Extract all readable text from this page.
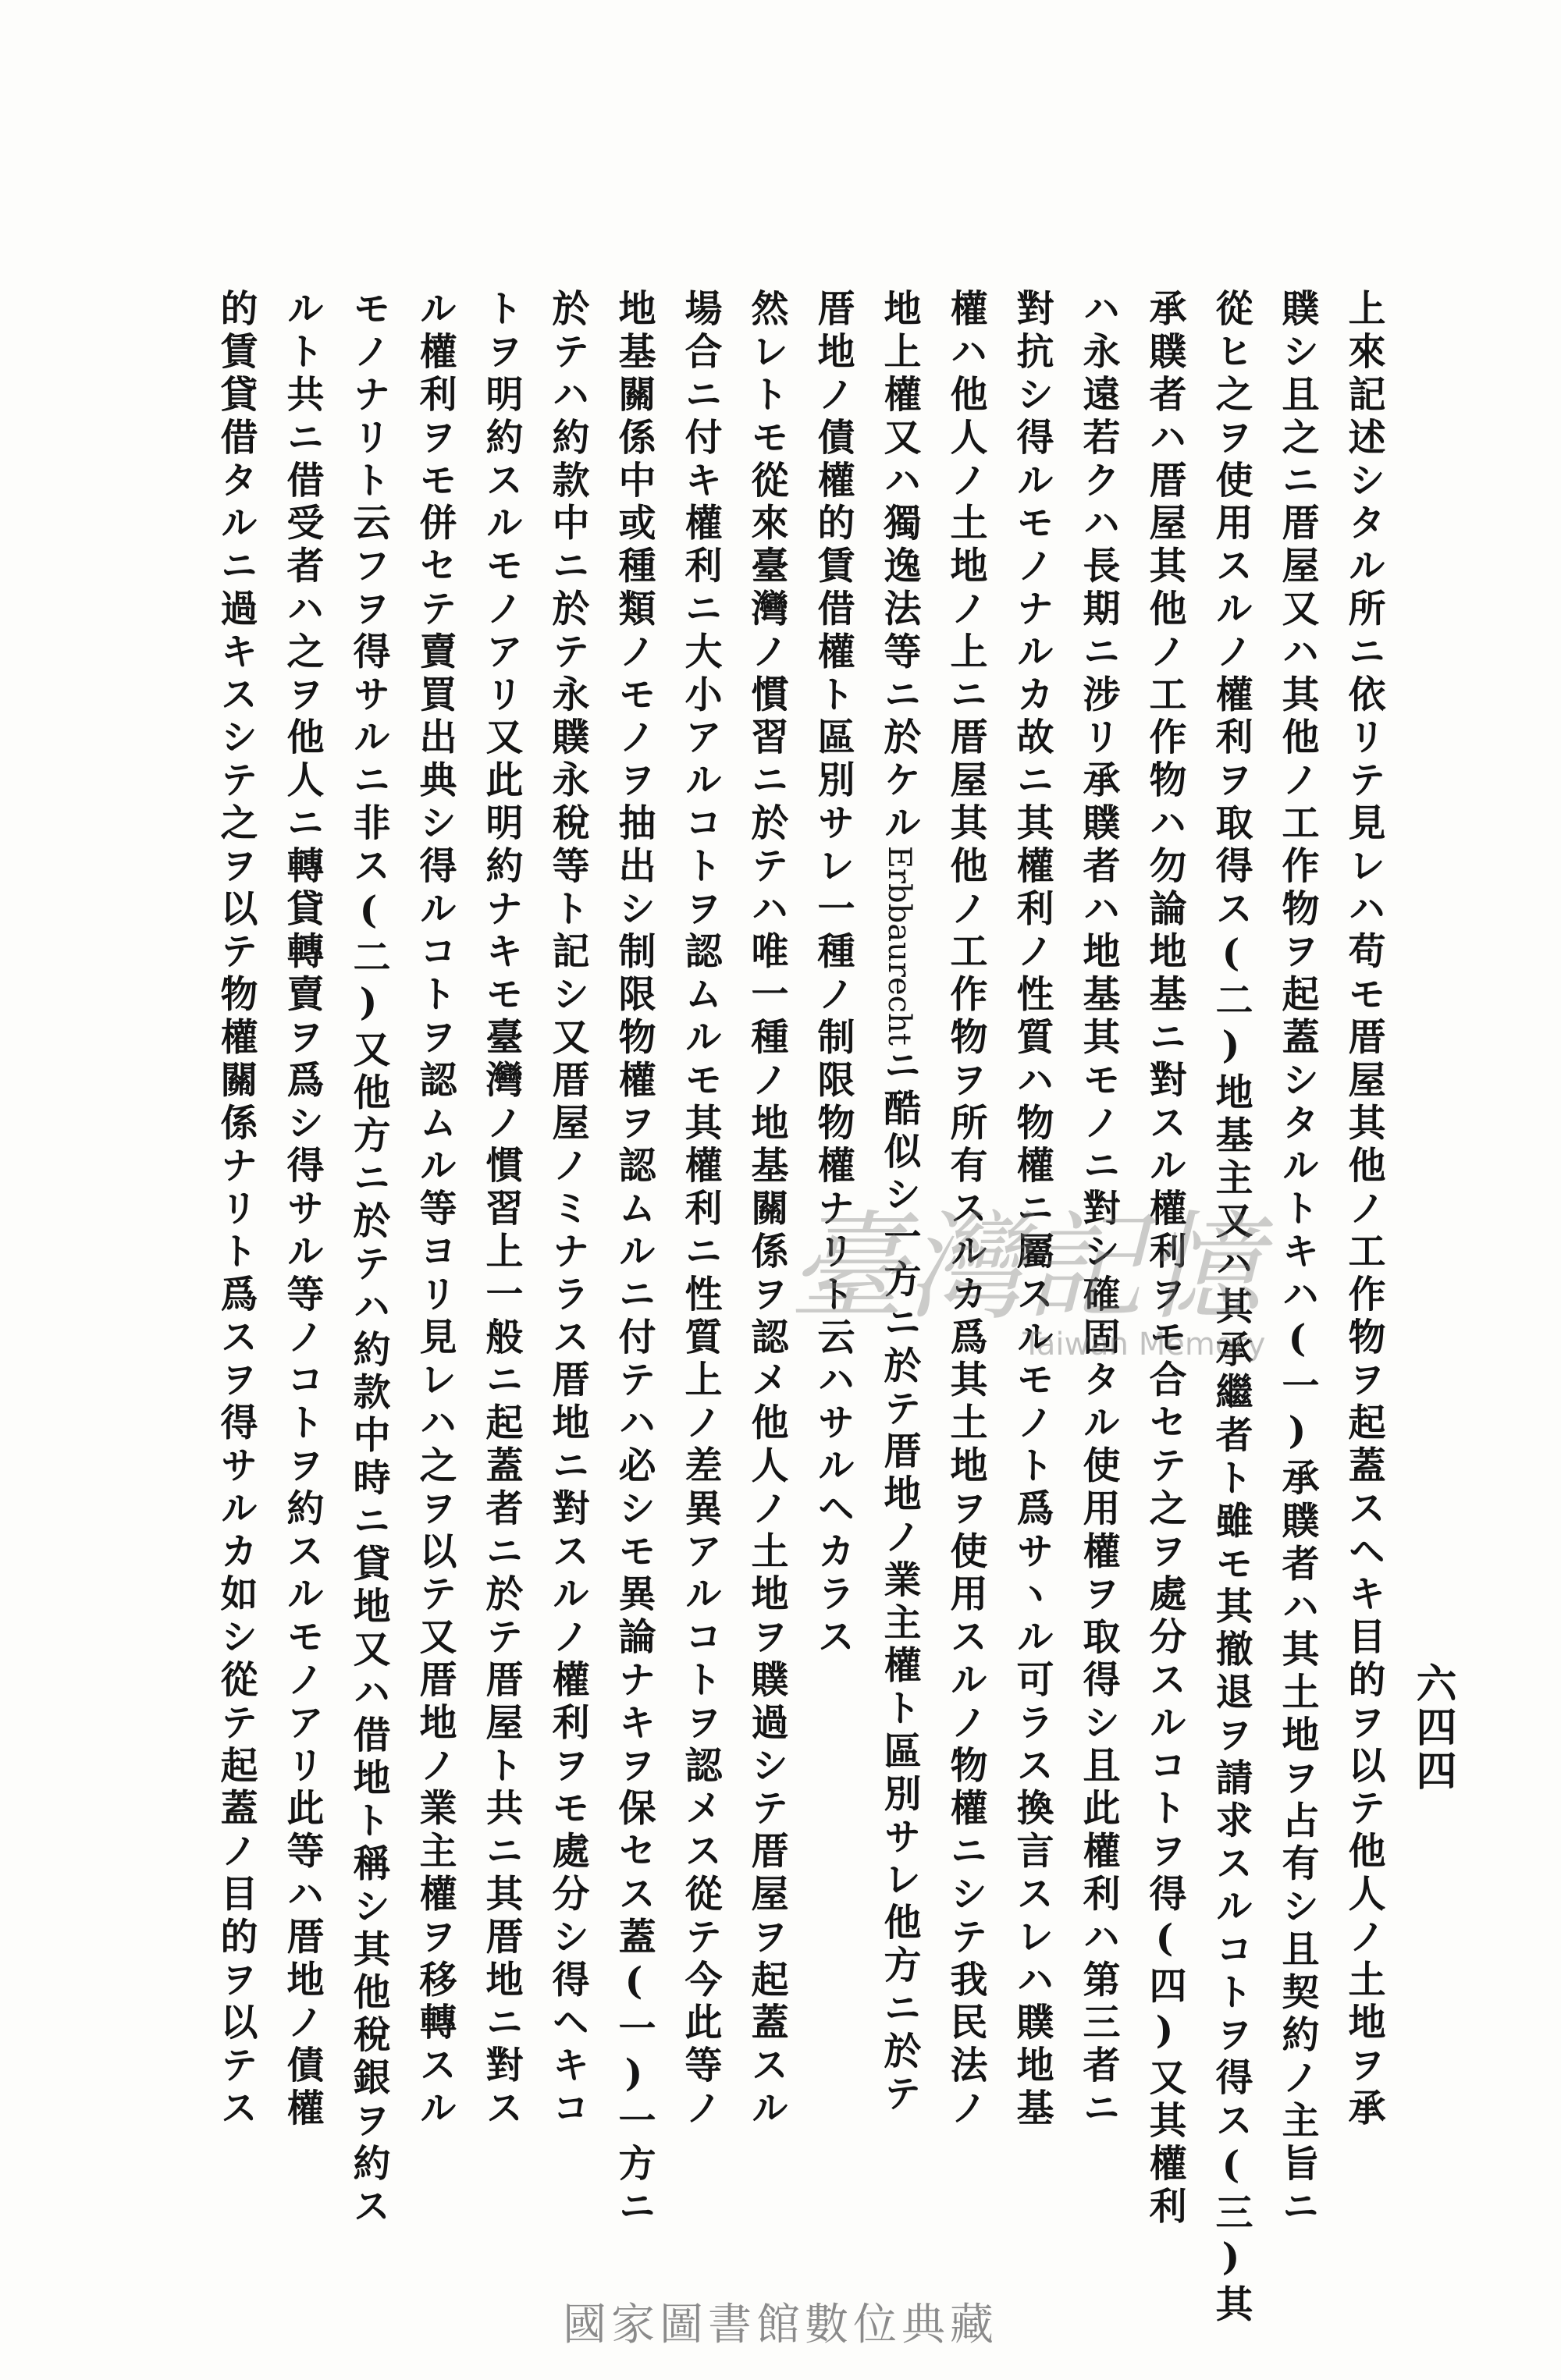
六四四
上來記述シタル所ニ依リテ見レハ苟モ厝屋其他ノ工作物ヲ起蓋スヘキ目的ヲ以テ他人ノ土地ヲ承
贌シ且之ニ厝屋又ハ其他ノ工作物ヲ起蓋シタルトキハ(一)承贌者ハ其土地ヲ占有シ且契約ノ主旨ニ
從ヒ之ヲ使用スルノ權利ヲ取得ス(二)地基主又ハ其承繼者ト雖モ其撤退ヲ請求スルコトヲ得ス(三)其
承贌者ハ厝屋其他ノ工作物ハ勿論地基ニ對スル權利ヲモ合セテ之ヲ處分スルコトヲ得(四)又其權利
ハ永遠若クハ長期ニ涉リ承贌者ハ地基其モノニ對シ確固タル使用權ヲ取得シ且此權利ハ第三者ニ
對抗シ得ルモノナルカ故ニ其權利ノ性質ハ物權ニ屬スルモノト爲サヽル可ラス換言スレハ贌地基
權ハ他人ノ土地ノ上ニ厝屋其他ノ工作物ヲ所有スルカ爲其土地ヲ使用スルノ物權ニシテ我民法ノ
地上權又ハ獨逸法等ニ於ケルErbbaurechtニ酷似シ一方ニ於テ厝地ノ業主權ト區別サレ他方ニ於テ
厝地ノ債權的賃借權ト區別サレ一種ノ制限物權ナリト云ハサルヘカラス
然レトモ從來臺灣ノ慣習ニ於テハ唯一種ノ地基關係ヲ認メ他人ノ土地ヲ贌過シテ厝屋ヲ起蓋スル
場合ニ付キ權利ニ大小アルコトヲ認ムルモ其權利ニ性質上ノ差異アルコトヲ認メス從テ今此等ノ
地基關係中或種類ノモノヲ抽出シ制限物權ヲ認ムルニ付テハ必シモ異論ナキヲ保セス蓋(一)一方ニ
於テハ約款中ニ於テ永贌永稅等ト記シ又厝屋ノミナラス厝地ニ對スルノ權利ヲモ處分シ得ヘキコ
トヲ明約スルモノアリ又此明約ナキモ臺灣ノ慣習上一般ニ起蓋者ニ於テ厝屋ト共ニ其厝地ニ對ス
ル權利ヲモ併セテ賣買出典シ得ルコトヲ認ムル等ヨリ見レハ之ヲ以テ又厝地ノ業主權ヲ移轉スル
モノナリト云フヲ得サルニ非ス(二)又他方ニ於テハ約款中時ニ貸地又ハ借地ト稱シ其他稅銀ヲ約ス
ルト共ニ借受者ハ之ヲ他人ニ轉貸轉賣ヲ爲シ得サル等ノコトヲ約スルモノアリ此等ハ厝地ノ債權
的賃貸借タルニ過キスシテ之ヲ以テ物權關係ナリト爲スヲ得サルカ如シ從テ起蓋ノ目的ヲ以テス	臺灣記憶
Taiwan Memory
國家圖書館數位典藏
